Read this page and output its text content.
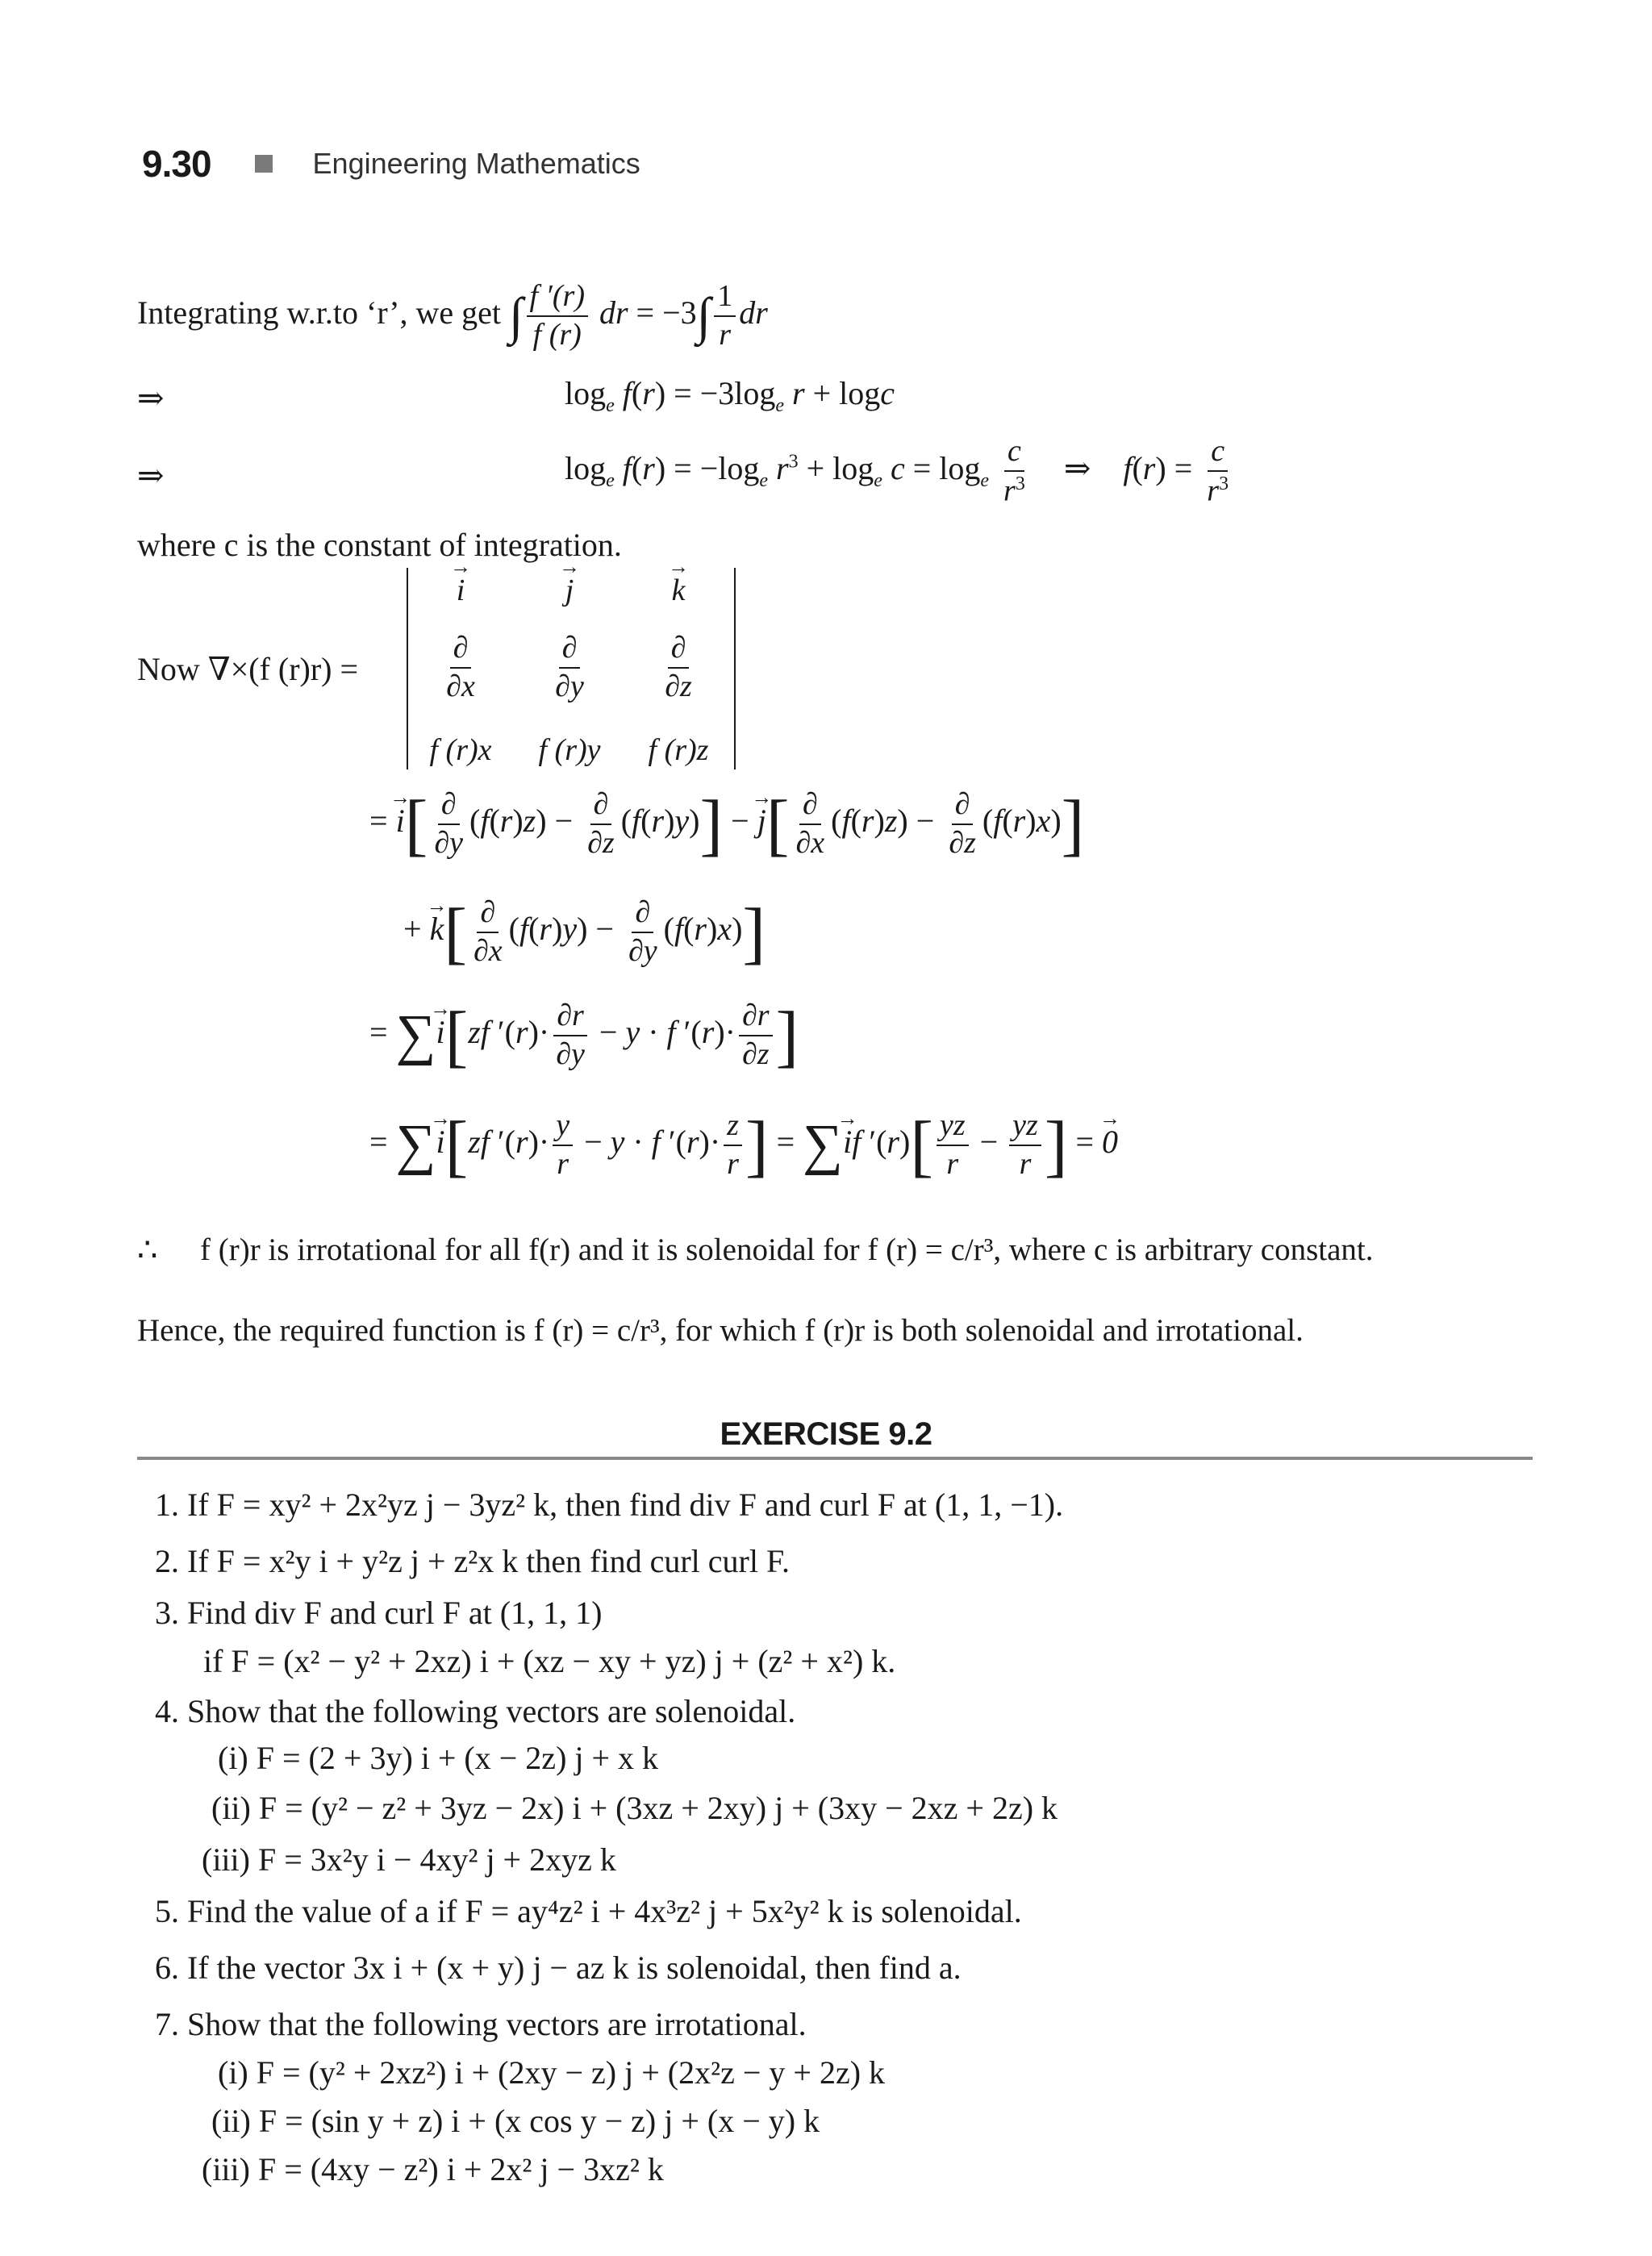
9.30	Engineering Mathematics
Integrating w.r.to ‘r’, we get ∫ $\frac{f '(r)}{f (r)}$ dr = $-3\int \frac{1}{r}$ dr
⇒	$\log_e f(r) = -3\log_e$ r + logc
⇒	$\log_e f(r) = -\log_e$ $r^3 + \log_e c = \log_e \frac{c}{r^3}$ ⇒    $f(r) = \frac{c}{r^3}$
where c is the constant of integration.
Now ∇×(f (r)r) =
→ i	→ j	→ k
$\frac{\partial}{\partial x} \frac{\partial}{\partial y} \frac{\partial}{\partial z}$
f (r)x	f (r)y	f (r)z
= → $i[ \frac{\partial}{\partial y} (f(r)z) - \frac{\partial}{\partial z} (f(r)y)]$ − → $j[ \frac{\partial}{\partial x} (f(r)z) - \frac{\partial}{\partial z} (f(r)x)]$
+ → $k[ \frac{\partial}{\partial x} (f(r)y) - \frac{\partial}{\partial y} (f(r)x)]$
= ∑→ i[zf $'(r)\cdot \frac{\partial r}{\partial y} - y \cdot f$ $'(r)\cdot \frac{\partial r}{\partial z}$ ]
= ∑→ i[zf $'(r)\cdot \frac{y}{r} - y \cdot f$ $'(r)\cdot \frac{z}{r}$ ] = ∑→ if $'(r)[ \frac{yz}{r} - \frac{yz}{r}$ ] = → 0
∴ f (r)r is irrotational for all f(r) and it is solenoidal for f (r) = c/r³, where c is arbitrary constant.
Hence, the required function is f (r) = c/r³, for which f (r)r is both solenoidal and irrotational.
EXERCISE 9.2
1. If F = xy² + 2x²yz j − 3yz² k, then find div F and curl F at (1, 1, −1).
2. If F = x²y i + y²z j + z²x k then find curl curl F.
3. Find div F and curl F at (1, 1, 1)
if F = (x² − y² + 2xz) i + (xz − xy + yz) j + (z² + x²) k.
4. Show that the following vectors are solenoidal.
(i) F = (2 + 3y) i + (x − 2z) j + x k
(ii) F = (y² − z² + 3yz − 2x) i + (3xz + 2xy) j + (3xy − 2xz + 2z) k
(iii) F = 3x²y i − 4xy² j + 2xyz k
5. Find the value of a if F = ay⁴z² i + 4x³z² j + 5x²y² k is solenoidal.
6. If the vector 3x i + (x + y) j − az k is solenoidal, then find a.
7. Show that the following vectors are irrotational.
(i) F = (y² + 2xz²) i + (2xy − z) j + (2x²z − y + 2z) k
(ii) F = (sin y + z) i + (x cos y − z) j + (x − y) k
(iii) F = (4xy − z²) i + 2x² j − 3xz² k
